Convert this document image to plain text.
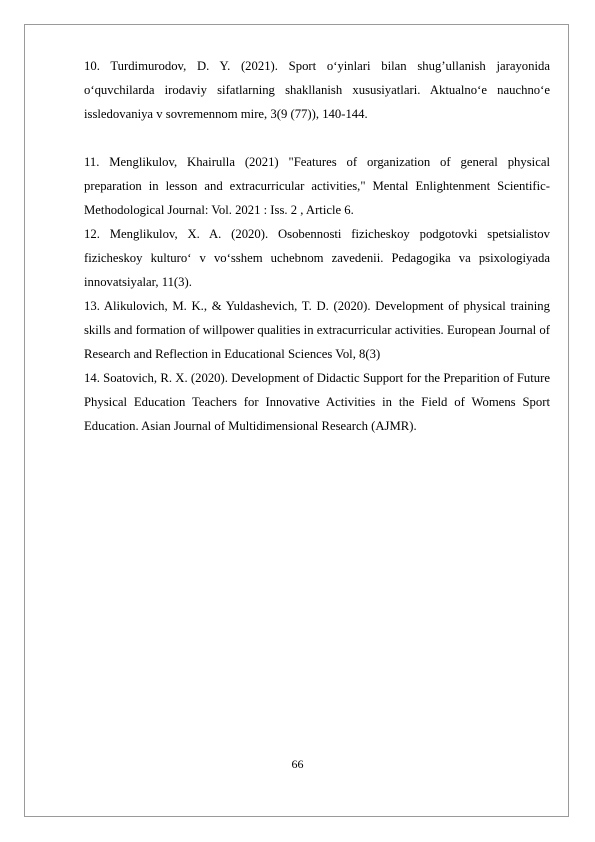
10. Turdimurodov, D. Y. (2021). Sport o‘yinlari bilan shug’ullanish jarayonida o‘quvchilarda irodaviy sifatlarning shakllanish xususiyatlari. Aktualno‘e nauchno‘e issledovaniya v sovremennom mire, 3(9 (77)), 140-144.

11. Menglikulov, Khairulla (2021) "Features of organization of general physical preparation in lesson and extracurricular activities," Mental Enlightenment Scientific- Methodological Journal: Vol. 2021 : Iss. 2 , Article 6.

12. Menglikulov, X. A. (2020). Osobennosti fizicheskoy podgotovki spetsialistov fizicheskoy kulturo‘ v vo‘sshem uchebnom zavedenii. Pedagogika va psixologiyada innovatsiyalar, 11(3).

13. Alikulovich, M. K., & Yuldashevich, T. D. (2020). Development of physical training skills and formation of willpower qualities in extracurricular activities. European Journal of Research and Reflection in Educational Sciences Vol, 8(3)

14. Soatovich, R. X. (2020). Development of Didactic Support for the Preparition of Future Physical Education Teachers for Innovative Activities in the Field of Womens Sport Education. Asian Journal of Multidimensional Research (AJMR).

66
